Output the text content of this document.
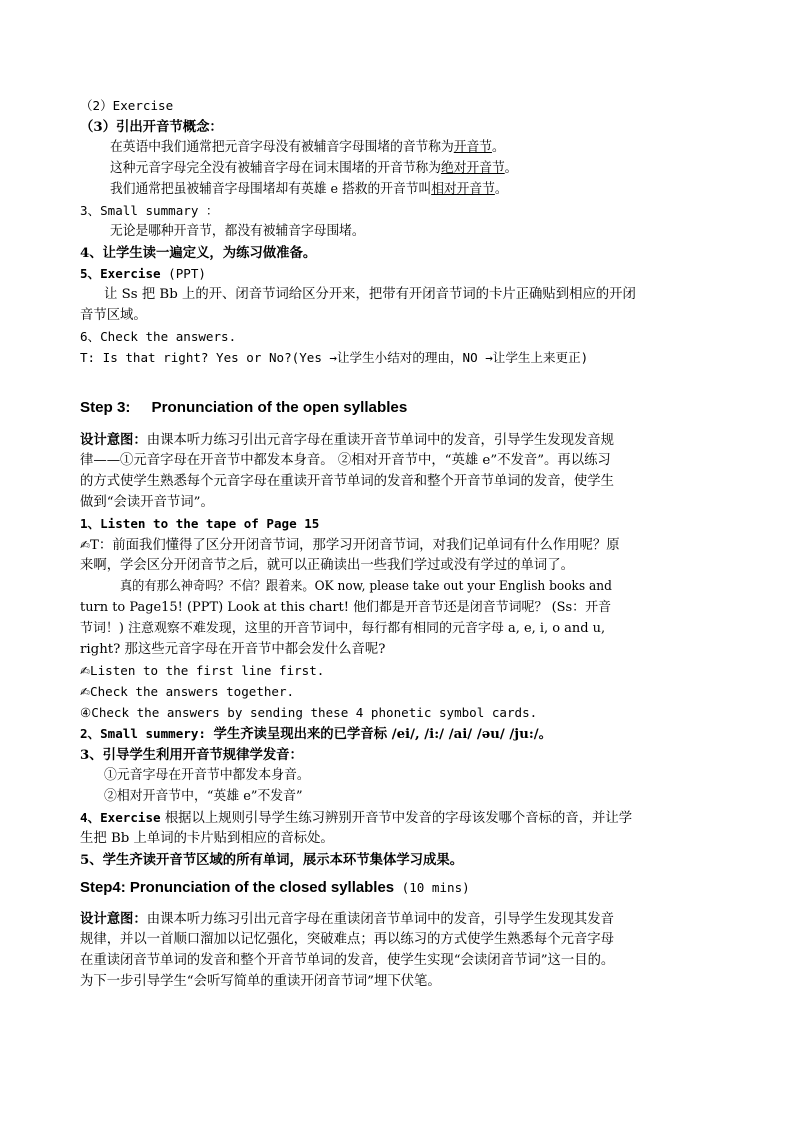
（2）Exercise
（3）引出开音节概念：
在英语中我们通常把元音字母没有被辅音字母围堵的音节称为开音节。
这种元音字母完全没有被辅音字母在词末围堵的开音节称为绝对开音节。
我们通常把虽被辅音字母围堵却有英雄 e 搭救的开音节叫相对开音节。
3、Small summary ：
无论是哪种开音节，都没有被辅音字母围堵。
4、让学生读一遍定义，为练习做准备。
5、Exercise (PPT)
让 Ss 把 Bb 上的开、闭音节词给区分开来，把带有开闭音节词的卡片正确贴到相应的开闭
音节区域。
6、Check the answers.
T: Is that right? Yes or No?(Yes →让学生小结对的理由，NO →让学生上来更正)
Step 3:     Pronunciation of the open syllables
设计意图：由课本听力练习引出元音字母在重读开音节单词中的发音，引导学生发现发音规
律——①元音字母在开音节中都发本身音。 ②相对开音节中，“英雄 e”不发音”。再以练习
的方式使学生熟悉每个元音字母在重读开音节单词的发音和整个开音节单词的发音，使学生
做到“会读开音节词”。
1、Listen to the tape of Page 15
✍T：前面我们懂得了区分开闭音节词，那学习开闭音节词，对我们记单词有什么作用呢？原
来啊，学会区分开闭音节之后，就可以正确读出一些我们学过或没有学过的单词了。
真的有那么神奇吗？不信？跟着来。OK now, please take out your English books and
turn to Page15! (PPT) Look at this chart! 他们都是开音节还是闭音节词呢？ (Ss：开音
节词！) 注意观察不难发现，这里的开音节词中，每行都有相同的元音字母 a, e, i, o and u,
right? 那这些元音字母在开音节中都会发什么音呢?
✍Listen to the first line first.
✍Check the answers together.
④Check the answers by sending these 4 phonetic symbol cards.
2、Small summery: 学生齐读呈现出来的已学音标 /ei/, /i:/ /ai/ /əu/ /ju:/。
3、引导学生利用开音节规律学发音：
①元音字母在开音节中都发本身音。
②相对开音节中，“英雄 e”不发音”
4、Exercise 根据以上规则引导学生练习辨别开音节中发音的字母该发哪个音标的音，并让学
生把 Bb 上单词的卡片贴到相应的音标处。
5、学生齐读开音节区域的所有单词，展示本环节集体学习成果。
Step4: Pronunciation of the closed syllables (10 mins)
设计意图：由课本听力练习引出元音字母在重读闭音节单词中的发音，引导学生发现其发音
规律，并以一首顺口溜加以记忆强化，突破难点；再以练习的方式使学生熟悉每个元音字母
在重读闭音节单词的发音和整个开音节单词的发音，使学生实现“会读闭音节词”这一目的。
为下一步引导学生“会听写简单的重读开闭音节词”埋下伏笔。
